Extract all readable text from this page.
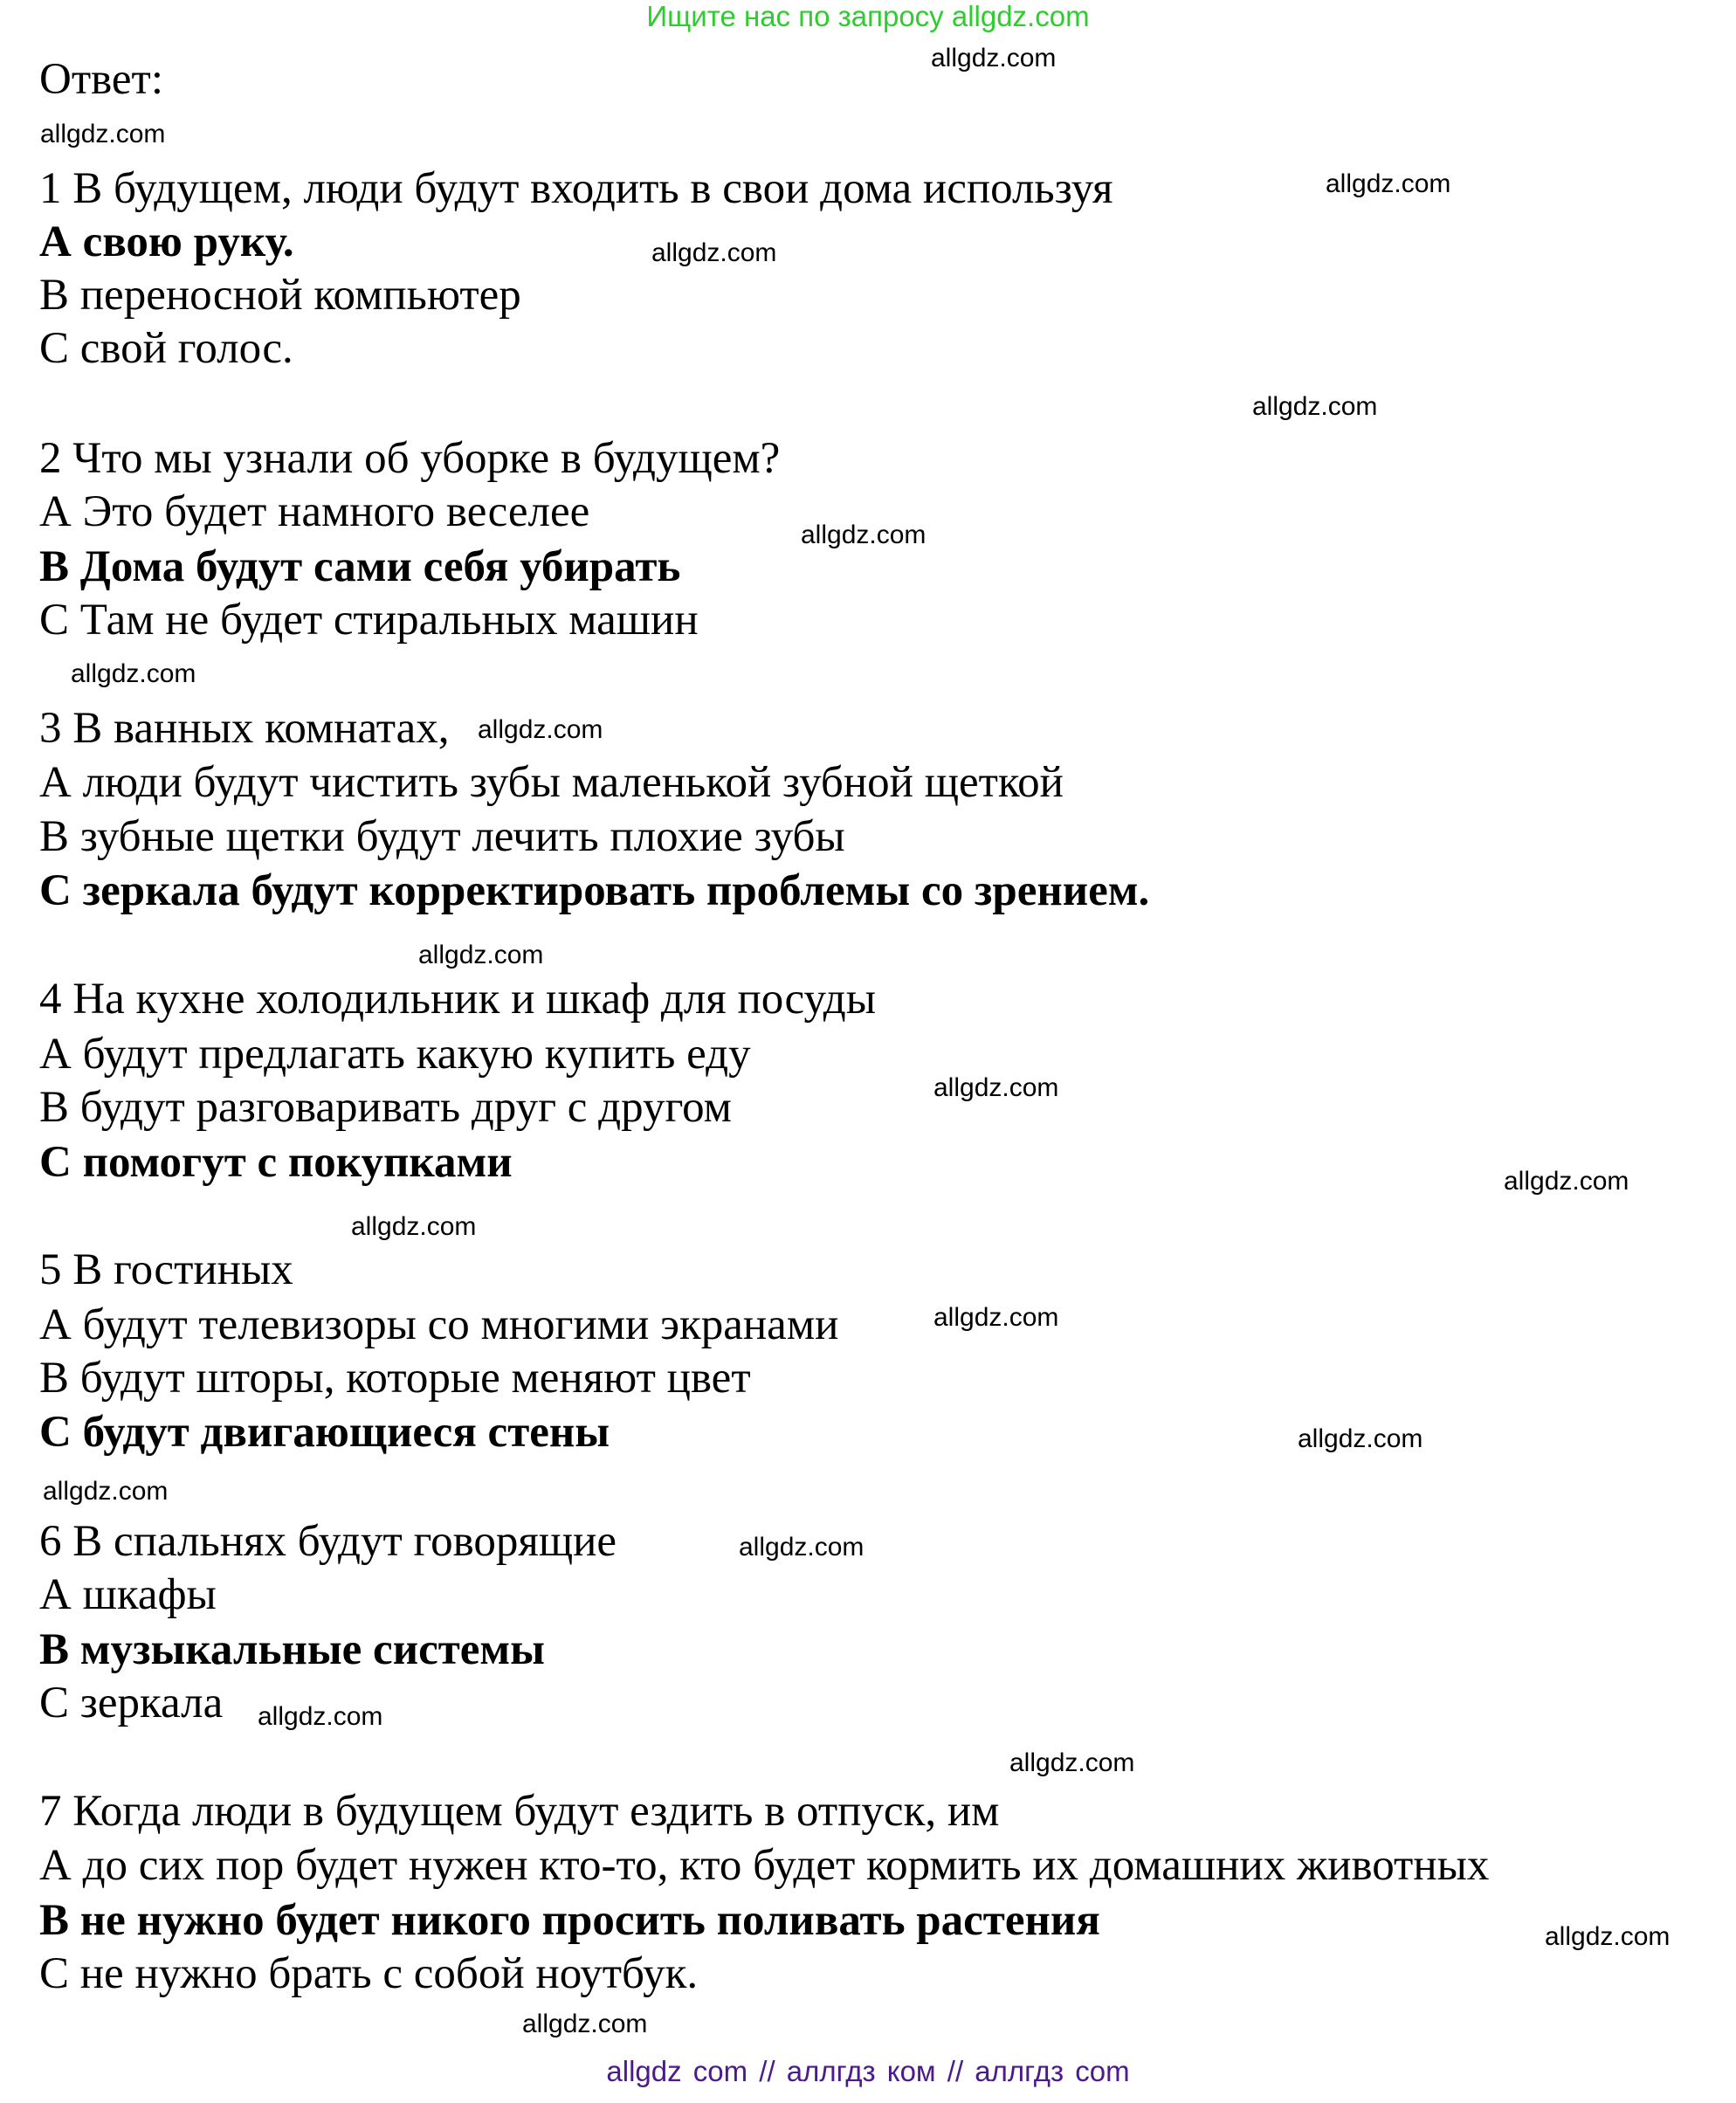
Ищите нас по запросу allgdz.com
Ответ:
1 В будущем, люди будут входить в свои дома используя
А свою руку.
В переносной компьютер
С свой голос.
2 Что мы узнали об уборке в будущем?
А Это будет намного веселее
В Дома будут сами себя убирать
С Там не будет стиральных машин
3 В ванных комнатах,
А люди будут чистить зубы маленькой зубной щеткой
В зубные щетки будут лечить плохие зубы
С зеркала будут корректировать проблемы со зрением.
4 На кухне холодильник и шкаф для посуды
А будут предлагать какую купить еду
В будут разговаривать друг с другом
С помогут с покупками
5 В гостиных
А будут телевизоры со многими экранами
В будут шторы, которые меняют цвет
С будут двигающиеся стены
6 В спальнях будут говорящие
А шкафы
В музыкальные системы
С зеркала
7 Когда люди в будущем будут ездить в отпуск, им
А до сих пор будет нужен кто-то, кто будет кормить их домашних животных
В не нужно будет никого просить поливать растения
С не нужно брать с собой ноутбук.
allgdz.com
allgdz.com
allgdz.com
allgdz.com
allgdz.com
allgdz.com
allgdz.com
allgdz.com
allgdz.com
allgdz.com
allgdz.com
allgdz.com
allgdz.com
allgdz.com
allgdz.com
allgdz.com
allgdz.com
allgdz.com
allgdz.com
allgdz.com
allgdz com // аллгдз ком // аллгдз com
